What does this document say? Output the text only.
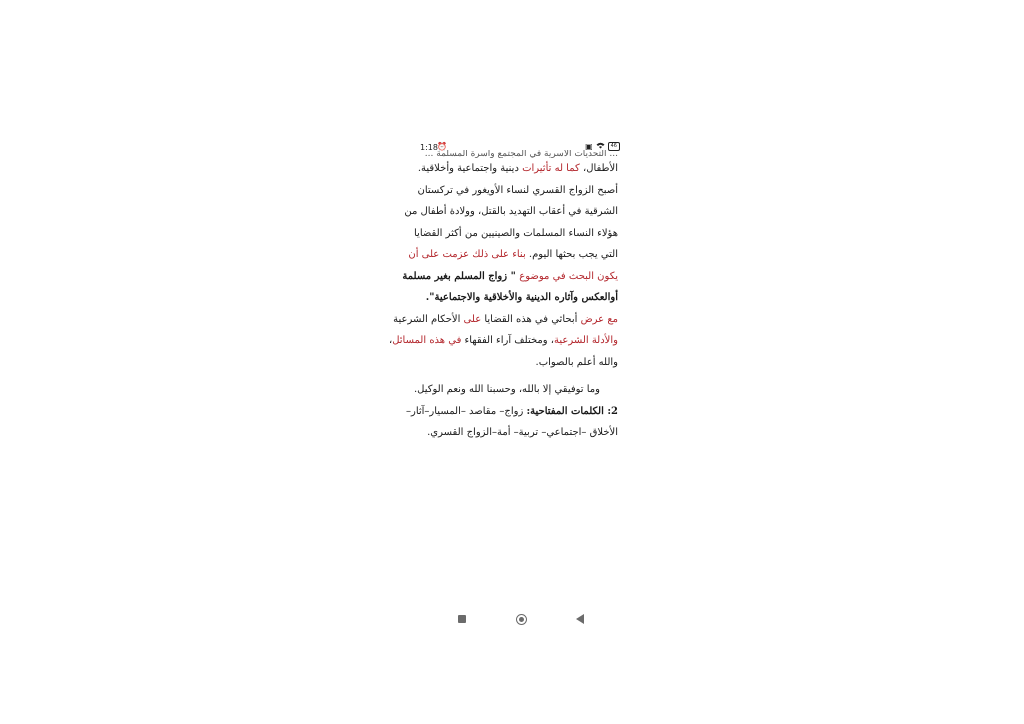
1:18 ⏰	▣	46
... التحديات الأسرية في المجتمع وأسرة المسلمة ...
الأطفال، كما له تأثيرات دينية واجتماعية وأخلاقية.
أصبح الزواج القسري لنساء الأويغور في تركستان
الشرقية في أعقاب التهديد بالقتل، وولادة أطفال من
هؤلاء النساء المسلمات والصينيين من أكثر القضايا
التي يجب بحثها اليوم. بناء على ذلك عزمت على أن
يكون البحث في موضوع " زواج المسلم بغير مسلمة
أوالعكس وآثاره الدينية والأخلاقية والاجتماعية".
مع عرض أبحاثي في هذه القضايا على الأحكام الشرعية
والأدلة الشرعية، ومختلف آراء الفقهاء في هذه المسائل،
والله أعلم بالصواب.
وما توفيقي إلا بالله، وحسبنا الله ونعم الوكيل.
2: الكلمات المفتاحية: زواج– مقاصد –المسيار–آثار–
الأخلاق –اجتماعي– تربية– أمة–الزواج القسري.
